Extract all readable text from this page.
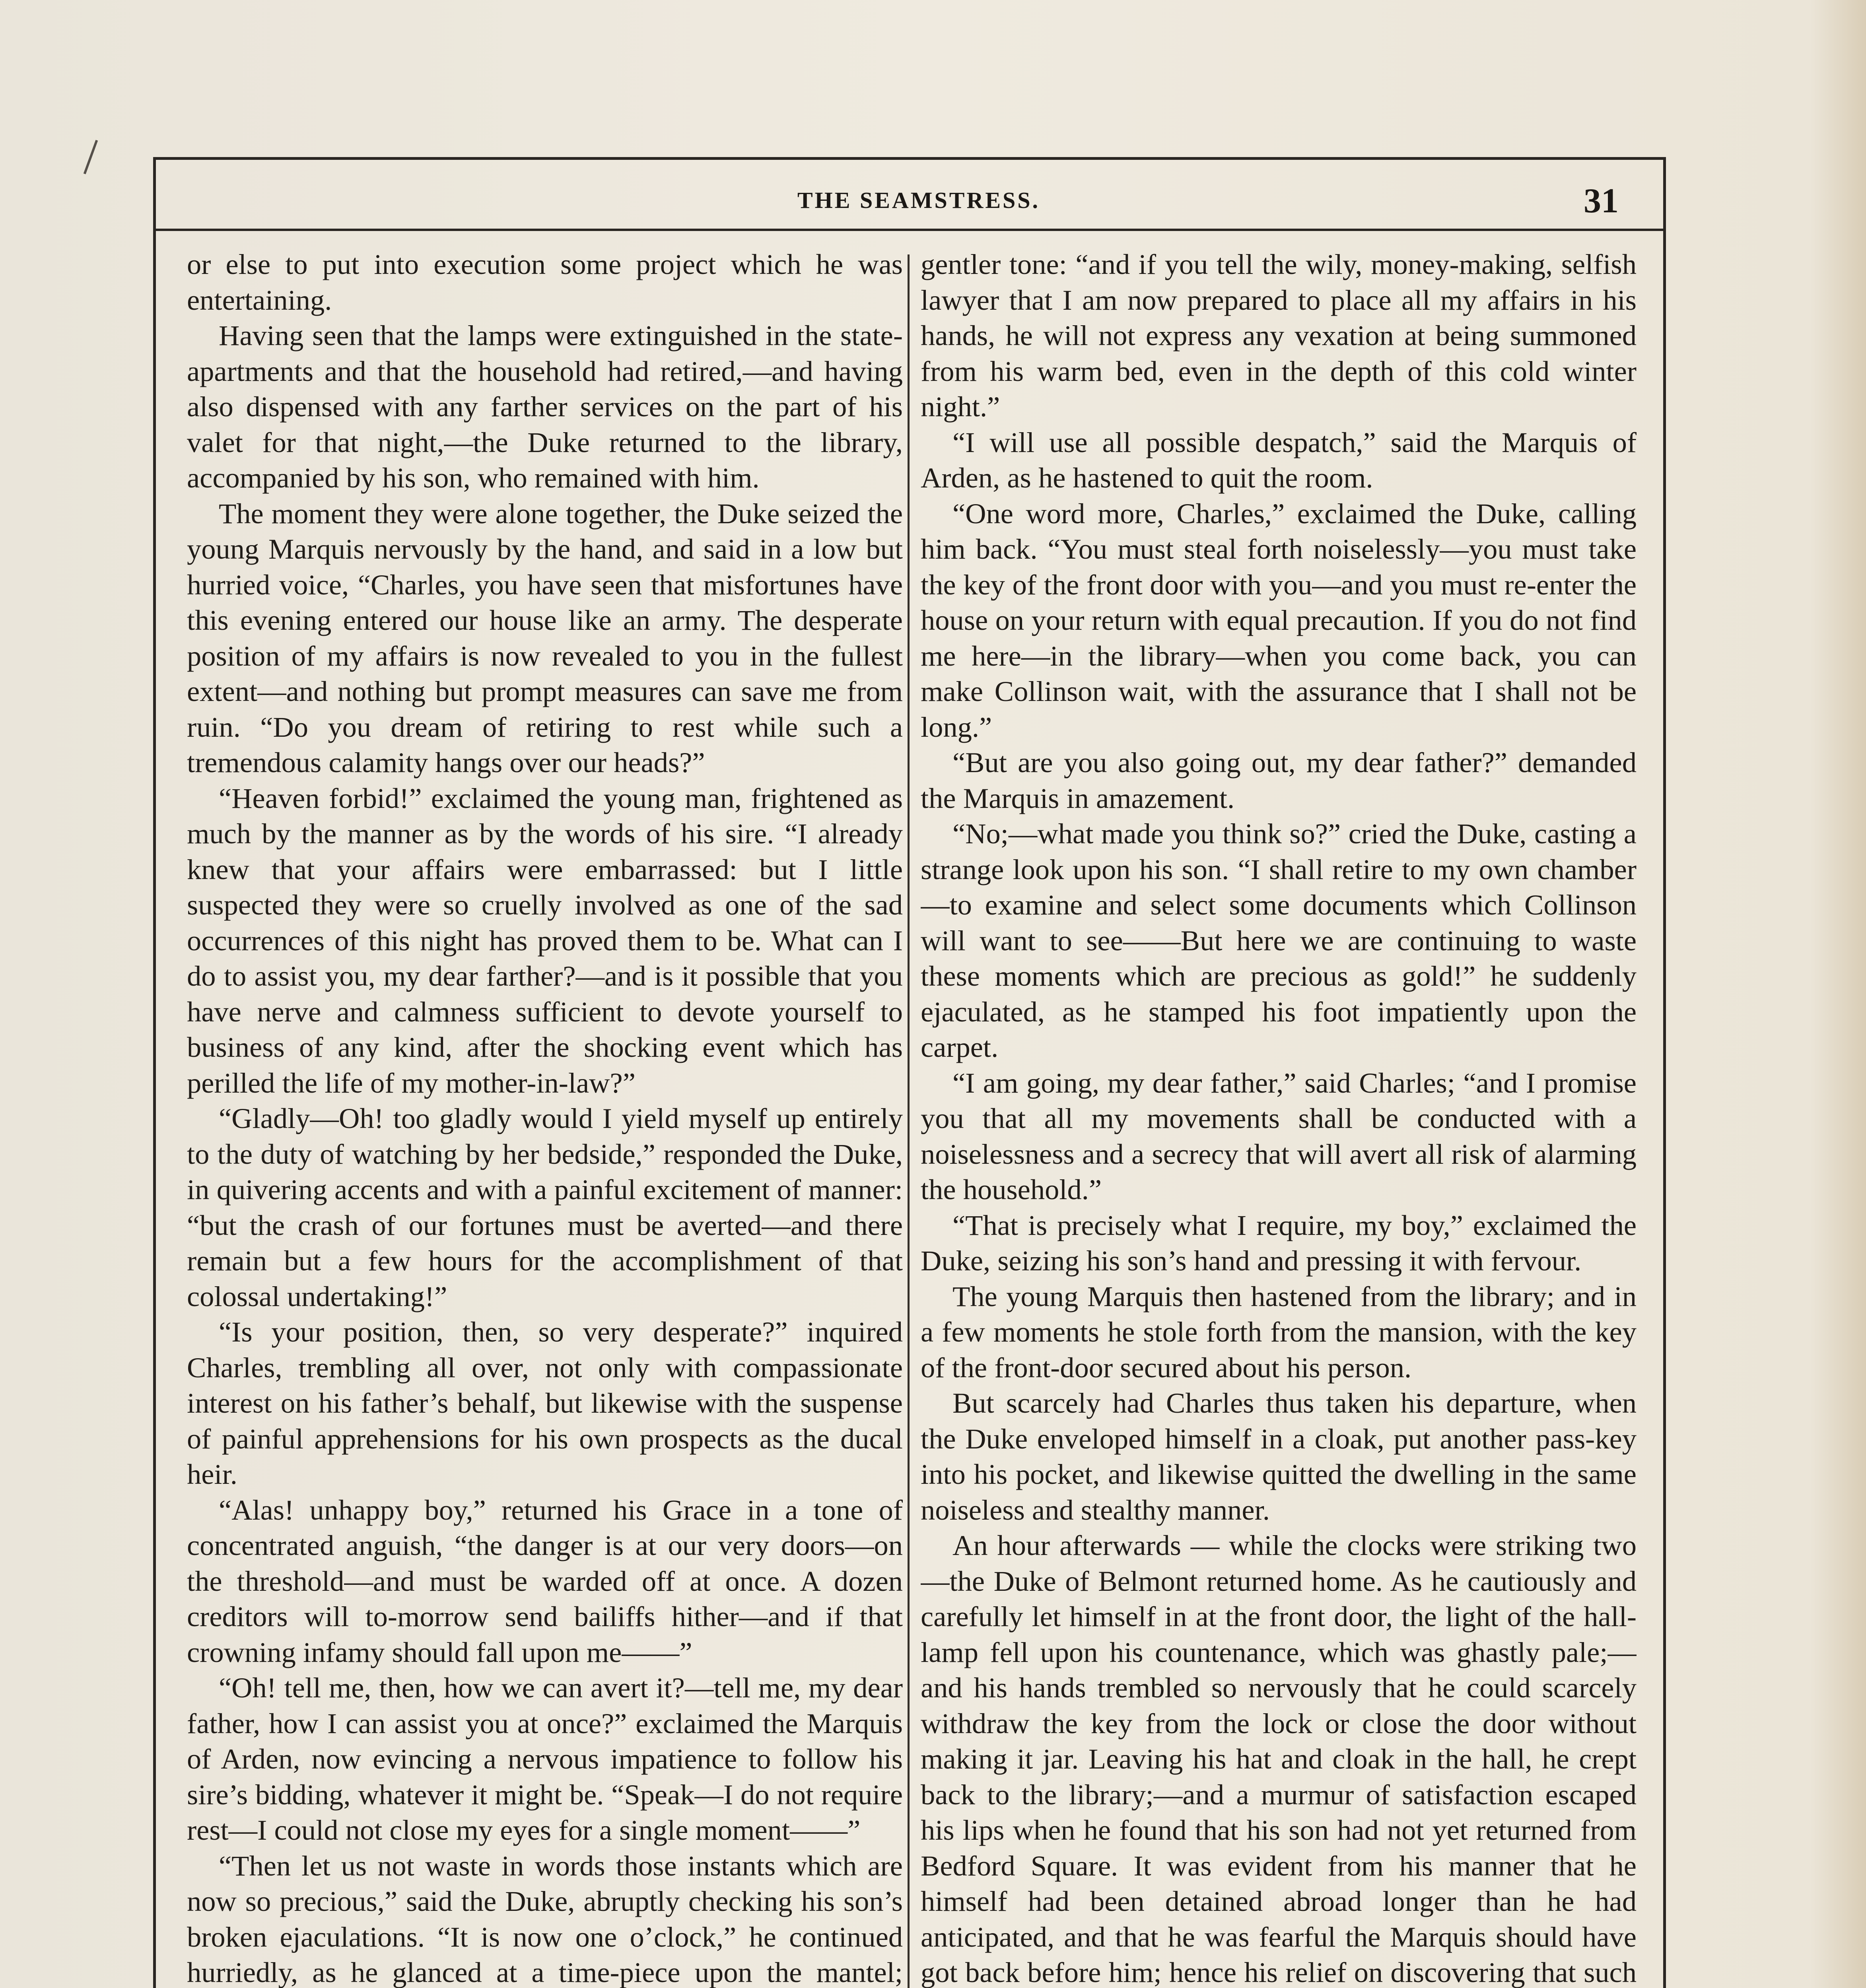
THE SEAMSTRESS.	31

or else to put into execution some project which he was entertaining.

Having seen that the lamps were extinguished in the state-apartments and that the household had retired,—and having also dispensed with any farther services on the part of his valet for that night,—the Duke returned to the library, accompanied by his son, who remained with him.

The moment they were alone together, the Duke seized the young Marquis nervously by the hand, and said in a low but hurried voice, “Charles, you have seen that misfortunes have this evening entered our house like an army. The desperate position of my affairs is now revealed to you in the fullest extent—and nothing but prompt measures can save me from ruin. “Do you dream of retiring to rest while such a tremendous calamity hangs over our heads?”

“Heaven forbid!” exclaimed the young man, frightened as much by the manner as by the words of his sire. “I already knew that your affairs were embarrassed: but I little suspected they were so cruelly involved as one of the sad occurrences of this night has proved them to be. What can I do to assist you, my dear farther?—and is it possible that you have nerve and calmness sufficient to devote yourself to business of any kind, after the shocking event which has perilled the life of my mother-in-law?”

“Gladly—Oh! too gladly would I yield myself up entirely to the duty of watching by her bedside,” responded the Duke, in quivering accents and with a painful excitement of manner: “but the crash of our fortunes must be averted—and there remain but a few hours for the accomplishment of that colossal undertaking!”

“Is your position, then, so very desperate?” inquired Charles, trembling all over, not only with compassionate interest on his father’s behalf, but likewise with the suspense of painful apprehensions for his own prospects as the ducal heir.

“Alas! unhappy boy,” returned his Grace in a tone of concentrated anguish, “the danger is at our very doors—on the threshold—and must be warded off at once. A dozen creditors will to-morrow send bailiffs hither—and if that crowning infamy should fall upon me——”

“Oh! tell me, then, how we can avert it?—tell me, my dear father, how I can assist you at once?” exclaimed the Marquis of Arden, now evincing a nervous impatience to follow his sire’s bidding, whatever it might be. “Speak—I do not require rest—I could not close my eyes for a single moment——”

“Then let us not waste in words those instants which are now so precious,” said the Duke, abruptly checking his son’s broken ejaculations. “It is now one o’clock,” he continued hurriedly, as he glanced at a time-piece upon the mantel;

gentler tone: “and if you tell the wily, money-making, selfish lawyer that I am now prepared to place all my affairs in his hands, he will not express any vexation at being summoned from his warm bed, even in the depth of this cold winter night.”

“I will use all possible despatch,” said the Marquis of Arden, as he hastened to quit the room.

“One word more, Charles,” exclaimed the Duke, calling him back. “You must steal forth noiselessly—you must take the key of the front door with you—and you must re-enter the house on your return with equal precaution. If you do not find me here—in the library—when you come back, you can make Collinson wait, with the assurance that I shall not be long.”

“But are you also going out, my dear father?” demanded the Marquis in amazement.

“No;—what made you think so?” cried the Duke, casting a strange look upon his son. “I shall retire to my own chamber—to examine and select some documents which Collinson will want to see——But here we are continuing to waste these moments which are precious as gold!” he suddenly ejaculated, as he stamped his foot impatiently upon the carpet.

“I am going, my dear father,” said Charles; “and I promise you that all my movements shall be conducted with a noiselessness and a secrecy that will avert all risk of alarming the household.”

“That is precisely what I require, my boy,” exclaimed the Duke, seizing his son’s hand and pressing it with fervour.

The young Marquis then hastened from the library; and in a few moments he stole forth from the mansion, with the key of the front-door secured about his person.

But scarcely had Charles thus taken his departure, when the Duke enveloped himself in a cloak, put another pass-key into his pocket, and likewise quitted the dwelling in the same noiseless and stealthy manner.

An hour afterwards — while the clocks were striking two—the Duke of Belmont returned home. As he cautiously and carefully let himself in at the front door, the light of the hall-lamp fell upon his countenance, which was ghastly pale;—and his hands trembled so nervously that he could scarcely withdraw the key from the lock or close the door without making it jar. Leaving his hat and cloak in the hall, he crept back to the library;—and a murmur of satisfaction escaped his lips when he found that his son had not yet returned from Bedford Square. It was evident from his manner that he himself had been detained abroad longer than he had anticipated, and that he was fearful the Marquis should have got back before him; hence his relief on discovering that such
